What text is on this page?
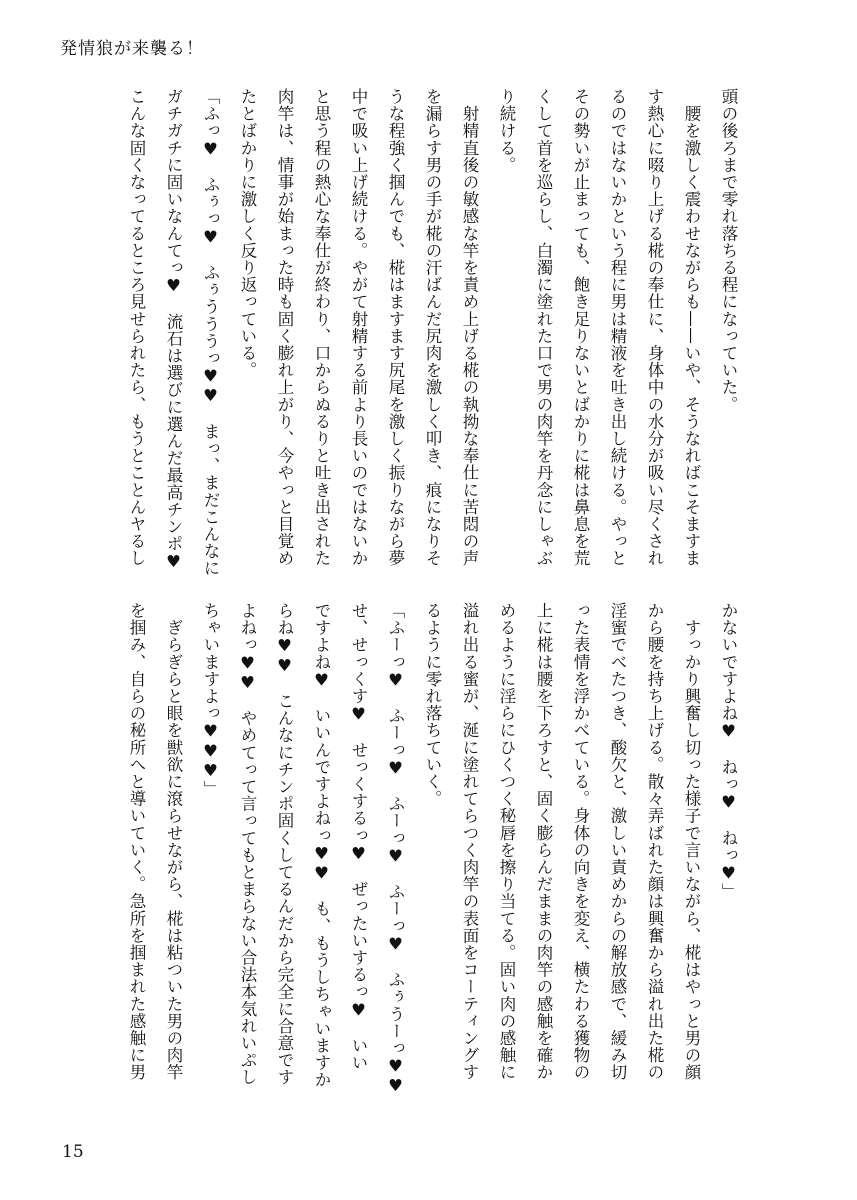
発情狼が来襲る！
頭の後ろまで零れ落ちる程になっていた。
　腰を激しく震わせながらも——いや、そうなればこそますま
す熱心に啜り上げる椛の奉仕に、身体中の水分が吸い尽くされ
るのではないかという程に男は精液を吐き出し続ける。やっと
その勢いが止まっても、飽き足りないとばかりに椛は鼻息を荒
くして首を巡らし、白濁に塗れた口で男の肉竿を丹念にしゃぶ
り続ける。
　射精直後の敏感な竿を責め上げる椛の執拗な奉仕に苦悶の声
を漏らす男の手が椛の汗ばんだ尻肉を激しく叩き、痕になりそ
うな程強く掴んでも、椛はますます尻尾を激しく振りながら夢
中で吸い上げ続ける。やがて射精する前より長いのではないか
と思う程の熱心な奉仕が終わり、口からぬるりと吐き出された
肉竿は、情事が始まった時も固く膨れ上がり、今やっと目覚め
たとばかりに激しく反り返っている。
「ふっ♥　ふぅっ♥　ふぅうううっ♥♥　まっ、まだこんなに
ガチガチに固いなんてっ♥　流石は選びに選んだ最高チンポ♥
こんな固くなってるところ見せられたら、もうとことんヤるし
かないですよね♥　ねっ♥　ねっ♥」
　すっかり興奮し切った様子で言いながら、椛はやっと男の顔
から腰を持ち上げる。散々弄ばれた顔は興奮から溢れ出た椛の
淫蜜でべたつき、酸欠と、激しい責めからの解放感で、緩み切
った表情を浮かべている。身体の向きを変え、横たわる獲物の
上に椛は腰を下ろすと、固く膨らんだままの肉竿の感触を確か
めるように淫らにひくつく秘唇を擦り当てる。固い肉の感触に
溢れ出る蜜が、涎に塗れてらつく肉竿の表面をコーティングす
るように零れ落ちていく。
「ふーっ♥　ふーっ♥　ふーっ♥　ふーっ♥　ふぅうーっ♥♥
せ、せっくす♥　せっくするっ♥　ぜったいするっ♥　いい
ですよね♥　いいんですよねっ♥♥　も、もうしちゃいますか
らね♥♥　こんなにチンポ固くしてるんだから完全に合意です
よねっ♥♥　やめてって言ってもとまらない合法本気れいぷし
ちゃいますよっ♥♥♥」
　ぎらぎらと眼を獣欲に滾らせながら、椛は粘ついた男の肉竿
を掴み、自らの秘所へと導いていく。急所を掴まれた感触に男
15
